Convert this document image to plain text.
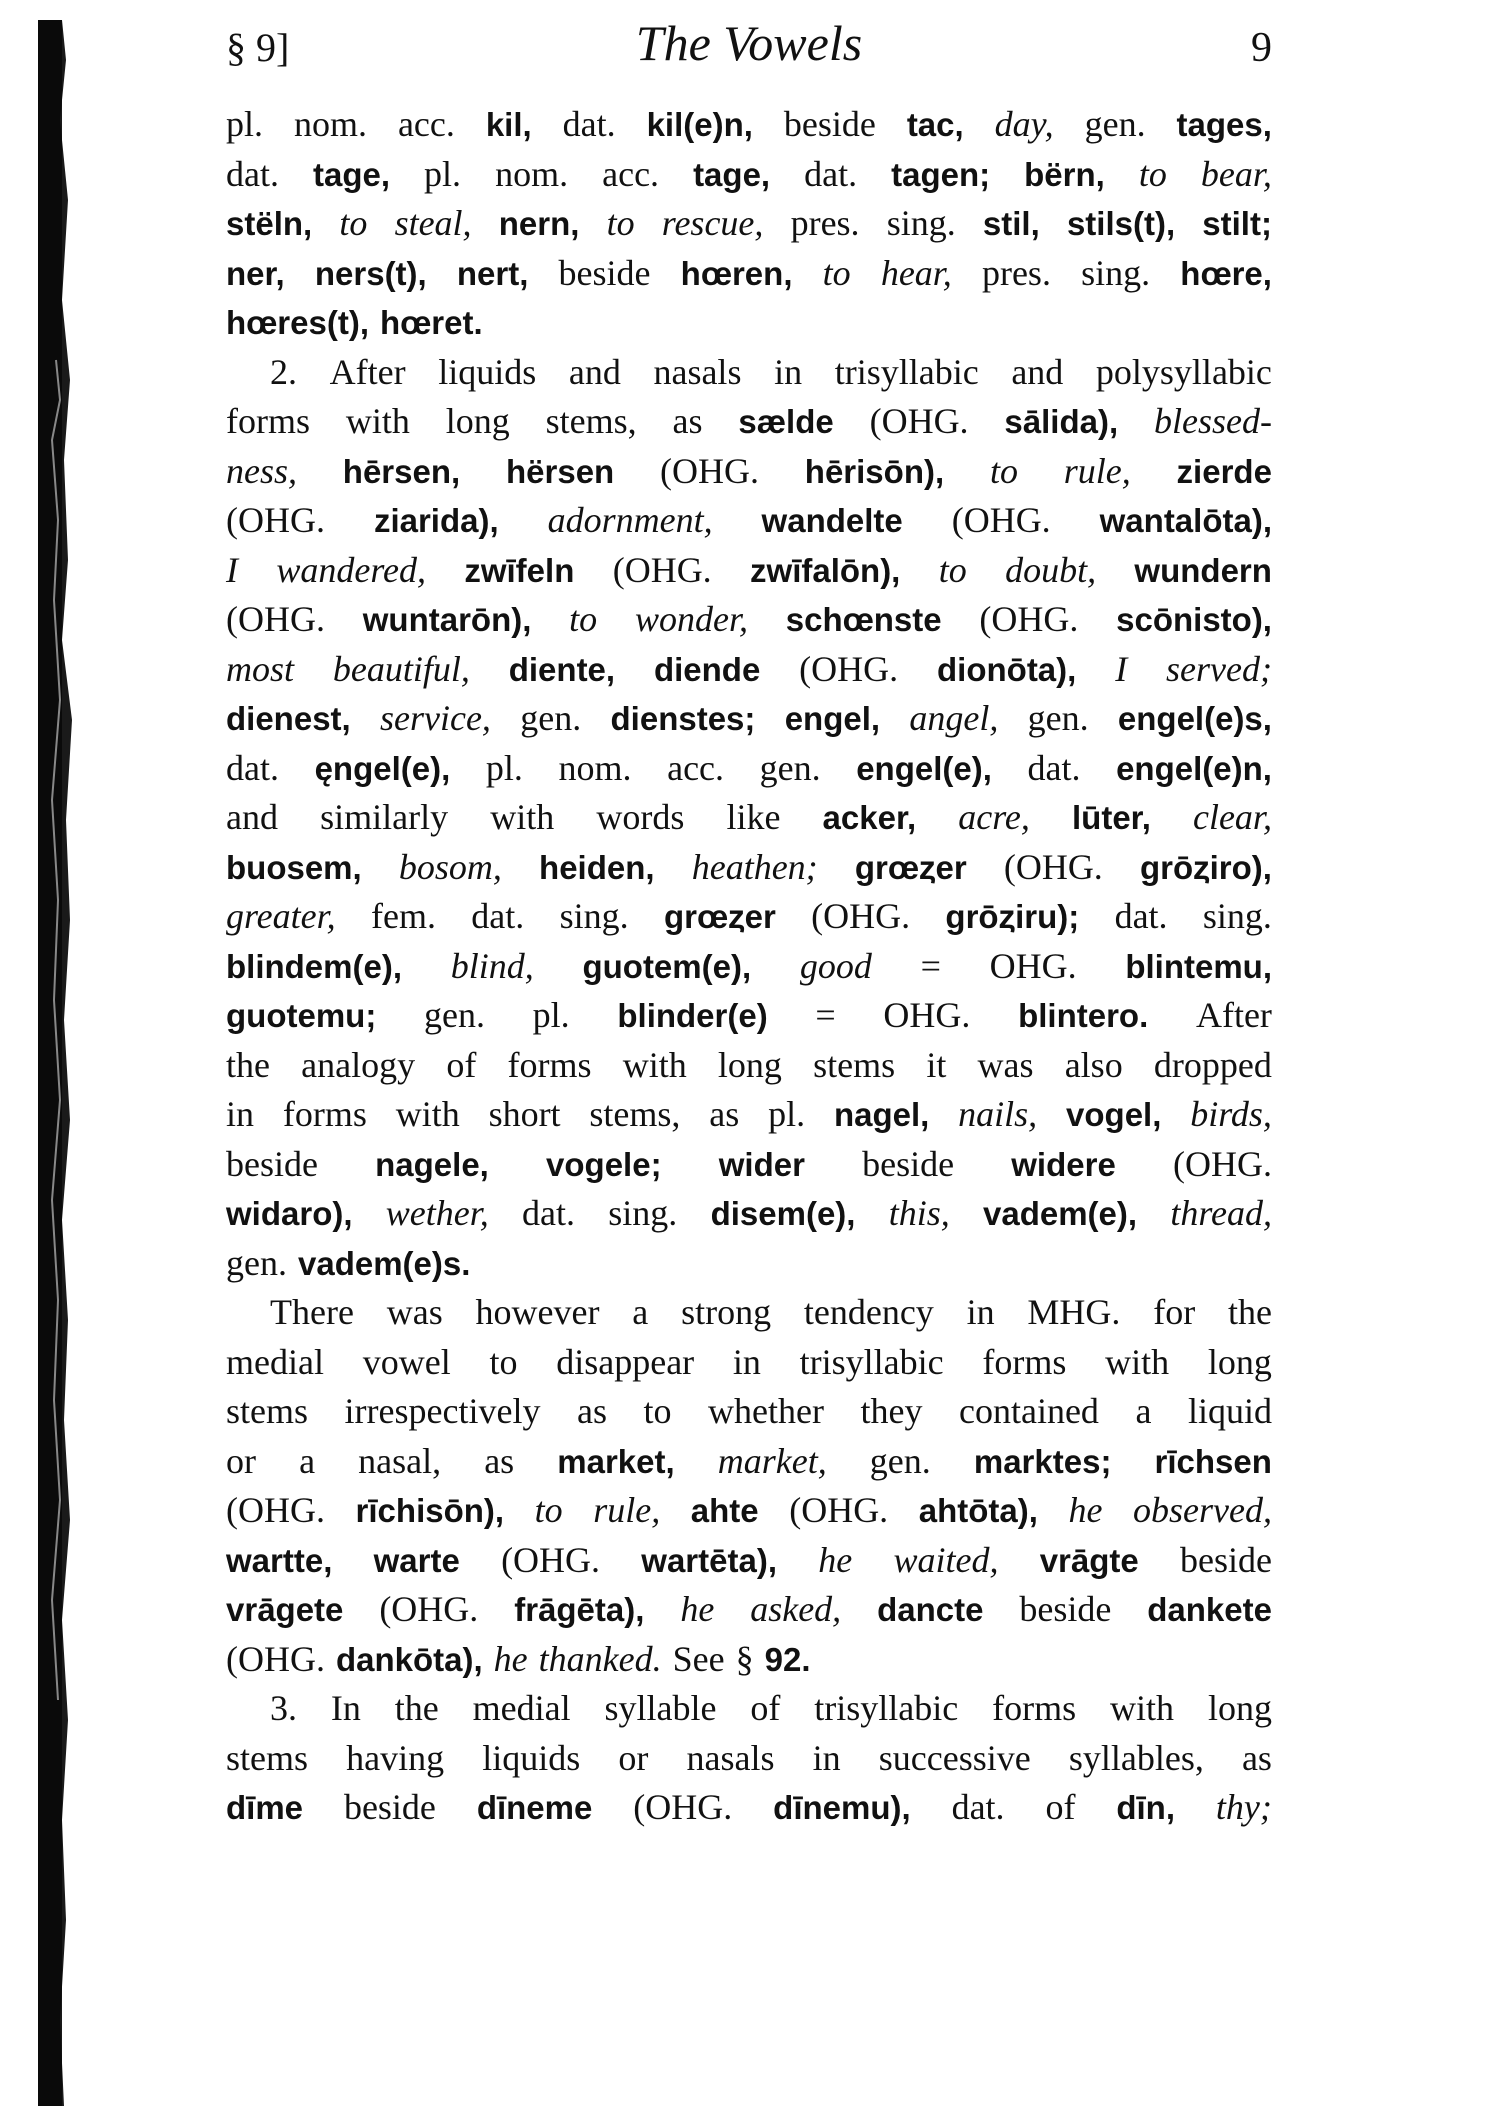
§ 9]	The Vowels	9
pl. nom. acc. kil, dat. kil(e)n, beside tac, day, gen. tages,
dat. tage, pl. nom. acc. tage, dat. tagen; bërn, to bear,
stëln, to steal, nern, to rescue, pres. sing. stil, stils(t), stilt;
ner, ners(t), nert, beside hœren, to hear, pres. sing. hœre,
hœres(t), hœret.
2. After liquids and nasals in trisyllabic and polysyllabic
forms with long stems, as sælde (OHG. sālida), blessed-
ness, hērsen, hërsen (OHG. hērisōn), to rule, zierde
(OHG. ziarida), adornment, wandelte (OHG. wantalōta),
I wandered, zwīfeln (OHG. zwīfalōn), to doubt, wundern
(OHG. wuntarōn), to wonder, schœnste (OHG. scōnisto),
most beautiful, diente, diende (OHG. dionōta), I served;
dienest, service, gen. dienstes; engel, angel, gen. engel(e)s,
dat. ęngel(e), pl. nom. acc. gen. engel(e), dat. engel(e)n,
and similarly with words like acker, acre, lūter, clear,
buosem, bosom, heiden, heathen; grœȥer (OHG. grōȥiro),
greater, fem. dat. sing. grœȥer (OHG. grōȥiru); dat. sing.
blindem(e), blind, guotem(e), good = OHG. blintemu,
guotemu; gen. pl. blinder(e) = OHG. blintero. After
the analogy of forms with long stems it was also dropped
in forms with short stems, as pl. nagel, nails, vogel, birds,
beside nagele, vogele; wider beside widere (OHG.
widaro), wether, dat. sing. disem(e), this, vadem(e), thread,
gen. vadem(e)s.
There was however a strong tendency in MHG. for the
medial vowel to disappear in trisyllabic forms with long
stems irrespectively as to whether they contained a liquid
or a nasal, as market, market, gen. marktes; rīchsen
(OHG. rīchisōn), to rule, ahte (OHG. ahtōta), he observed,
wartte, warte (OHG. wartēta), he waited, vrāgte beside
vrāgete (OHG. frāgēta), he asked, dancte beside dankete
(OHG. dankōta), he thanked. See § 92.
3. In the medial syllable of trisyllabic forms with long
stems having liquids or nasals in successive syllables, as
dīme beside dīneme (OHG. dīnemu), dat. of dīn, thy;
